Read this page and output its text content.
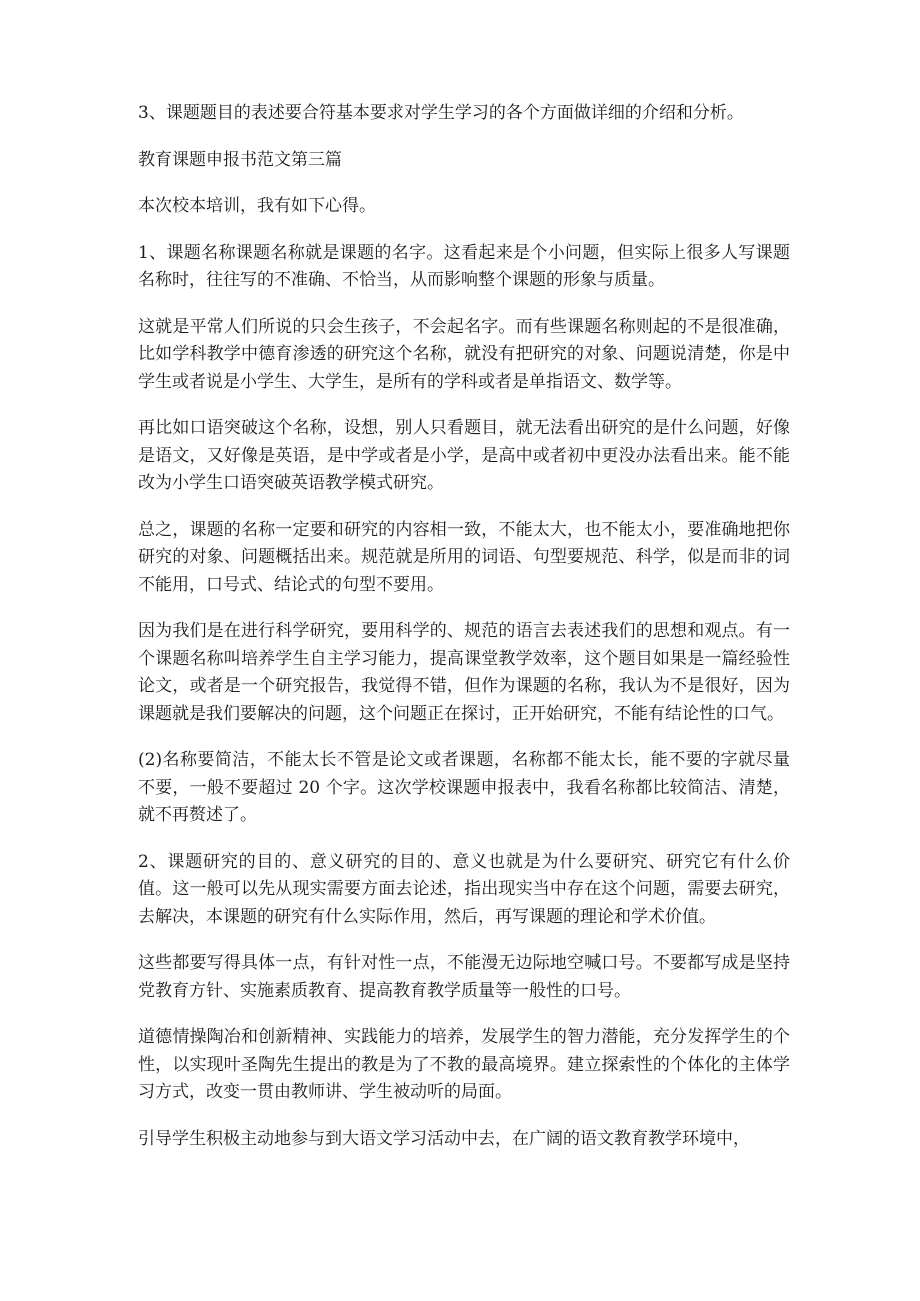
3、课题题目的表述要合符基本要求对学生学习的各个方面做详细的介绍和分析。

教育课题申报书范文第三篇

本次校本培训，我有如下心得。

1、课题名称课题名称就是课题的名字。这看起来是个小问题，但实际上很多人写课题名称时，往往写的不准确、不恰当，从而影响整个课题的形象与质量。

这就是平常人们所说的只会生孩子，不会起名字。而有些课题名称则起的不是很准确，比如学科教学中德育渗透的研究这个名称，就没有把研究的对象、问题说清楚，你是中学生或者说是小学生、大学生，是所有的学科或者是单指语文、数学等。

再比如口语突破这个名称，设想，别人只看题目，就无法看出研究的是什么问题，好像是语文，又好像是英语，是中学或者是小学，是高中或者初中更没办法看出来。能不能改为小学生口语突破英语教学模式研究。

总之，课题的名称一定要和研究的内容相一致，不能太大，也不能太小，要准确地把你研究的对象、问题概括出来。规范就是所用的词语、句型要规范、科学，似是而非的词不能用，口号式、结论式的句型不要用。

因为我们是在进行科学研究，要用科学的、规范的语言去表述我们的思想和观点。有一个课题名称叫培养学生自主学习能力，提高课堂教学效率，这个题目如果是一篇经验性论文，或者是一个研究报告，我觉得不错，但作为课题的名称，我认为不是很好，因为课题就是我们要解决的问题，这个问题正在探讨，正开始研究，不能有结论性的口气。

(2)名称要简洁，不能太长不管是论文或者课题，名称都不能太长，能不要的字就尽量不要，一般不要超过 20 个字。这次学校课题申报表中，我看名称都比较简洁、清楚，就不再赘述了。

2、课题研究的目的、意义研究的目的、意义也就是为什么要研究、研究它有什么价值。这一般可以先从现实需要方面去论述，指出现实当中存在这个问题，需要去研究，去解决，本课题的研究有什么实际作用，然后，再写课题的理论和学术价值。

这些都要写得具体一点，有针对性一点，不能漫无边际地空喊口号。不要都写成是坚持党教育方针、实施素质教育、提高教育教学质量等一般性的口号。

道德情操陶冶和创新精神、实践能力的培养，发展学生的智力潜能，充分发挥学生的个性，以实现叶圣陶先生提出的教是为了不教的最高境界。建立探索性的个体化的主体学习方式，改变一贯由教师讲、学生被动听的局面。

引导学生积极主动地参与到大语文学习活动中去，在广阔的语文教育教学环境中，
